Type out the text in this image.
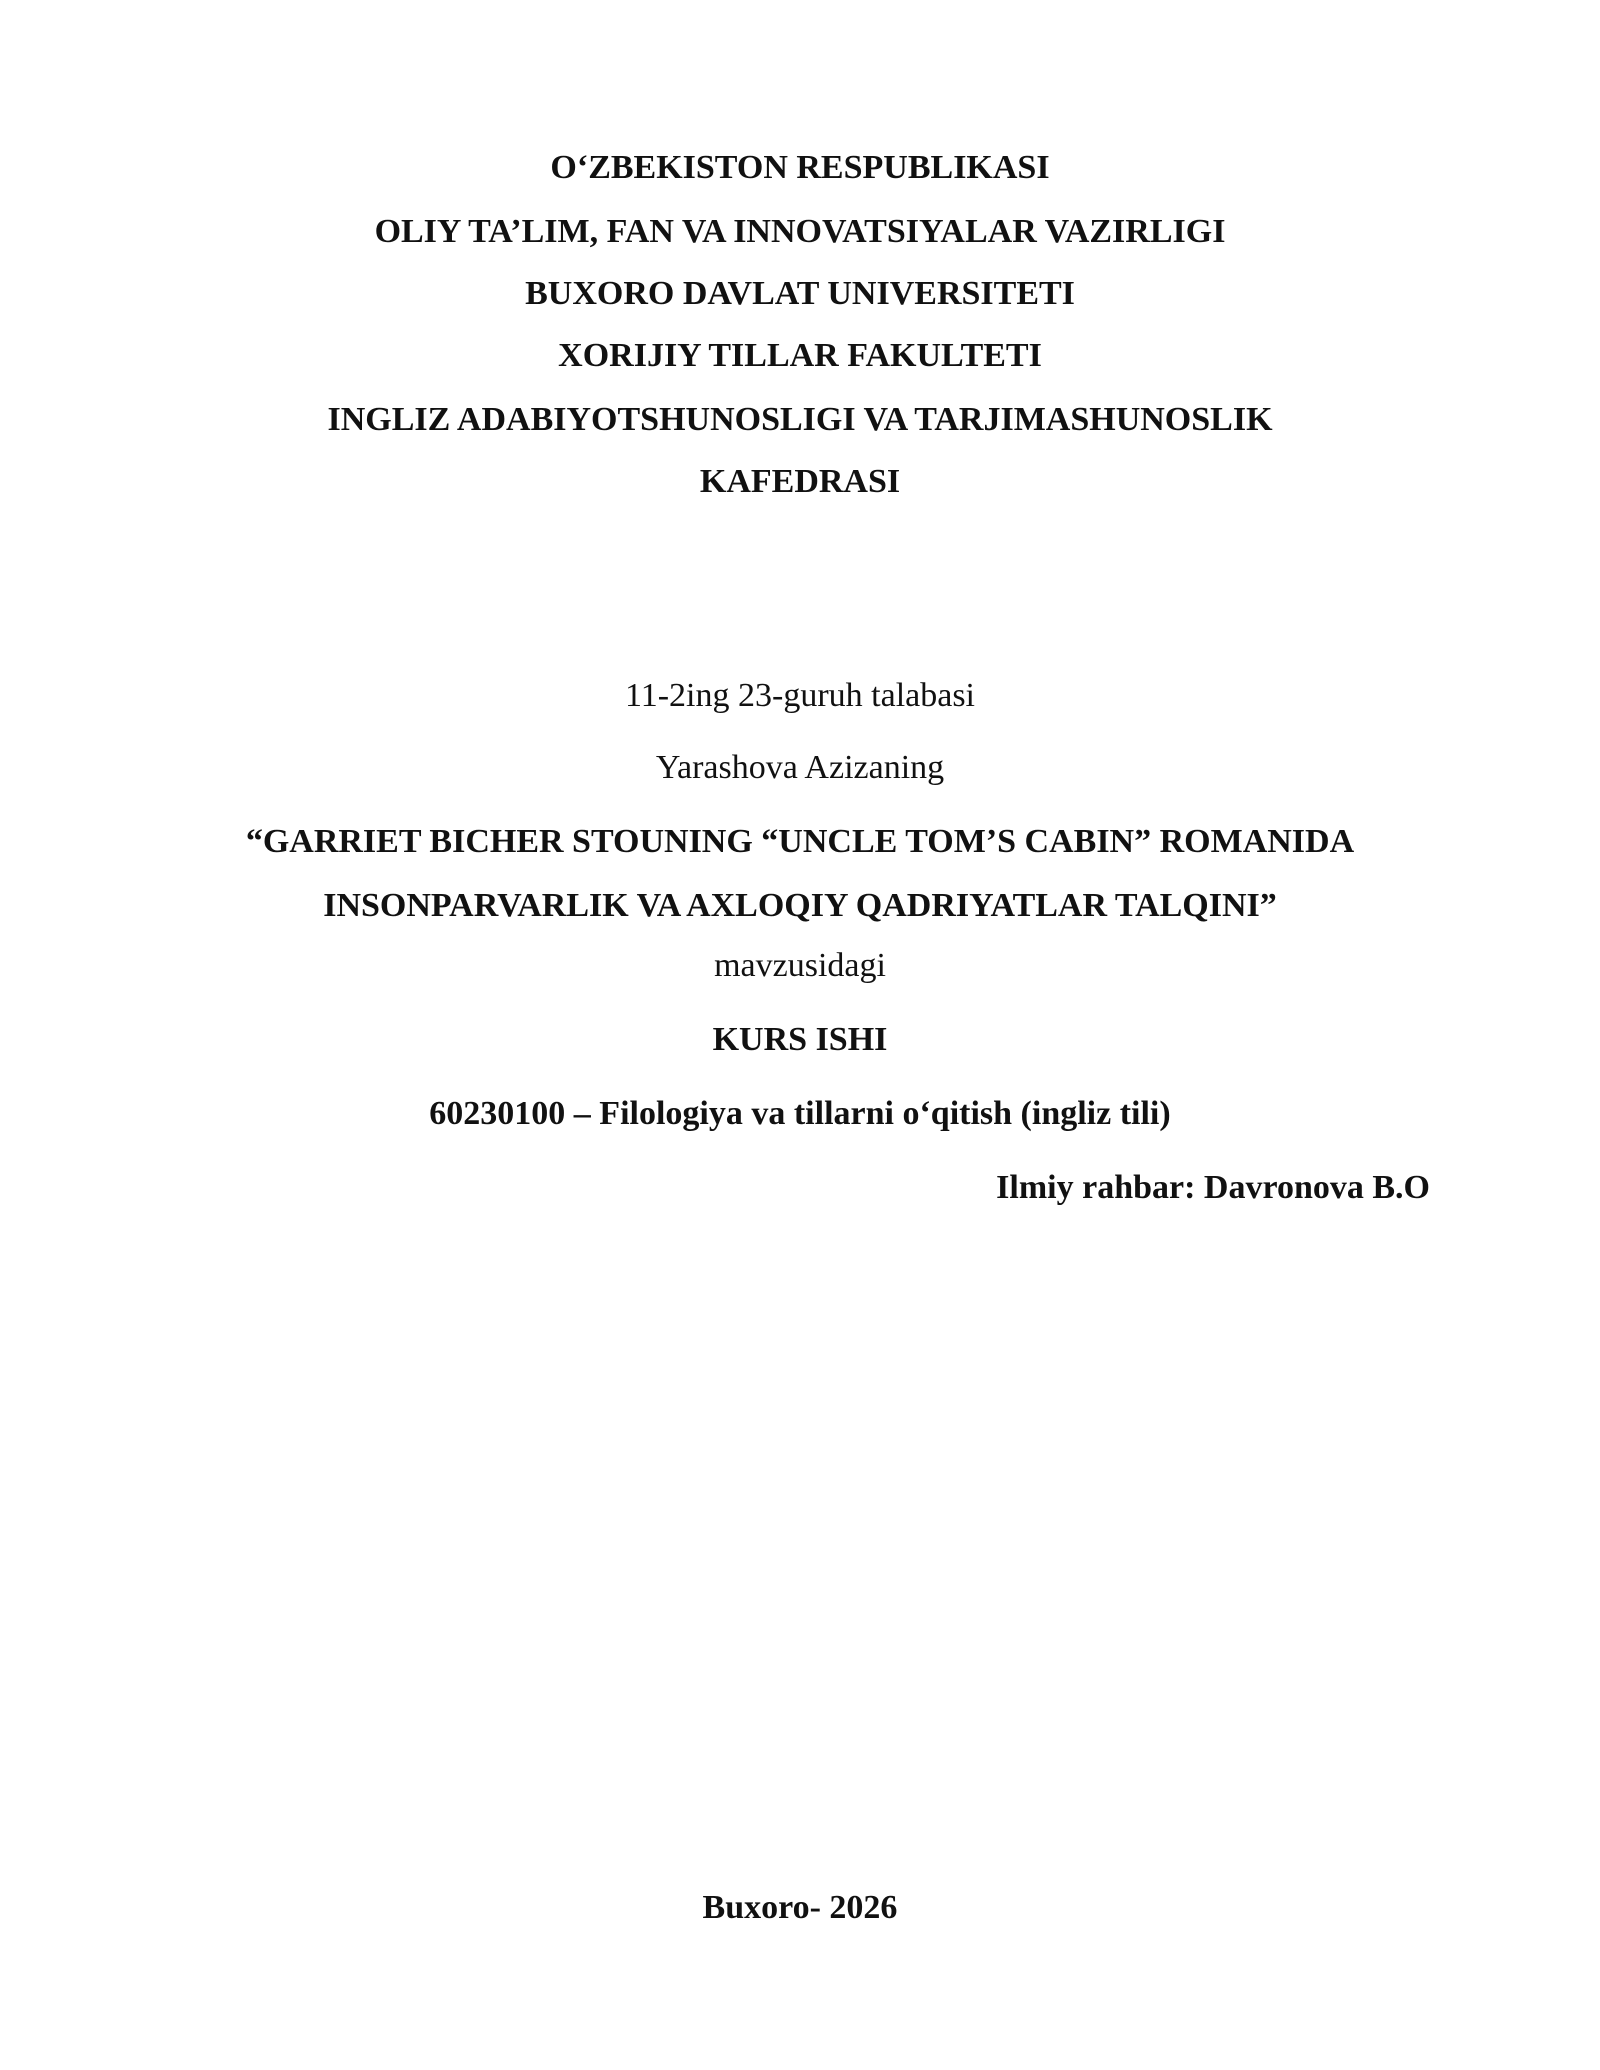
O‘ZBEKISTON RESPUBLIKASI
OLIY TA’LIM, FAN VA INNOVATSIYALAR VAZIRLIGI
BUXORO DAVLAT UNIVERSITETI
XORIJIY TILLAR FAKULTETI
INGLIZ ADABIYOTSHUNOSLIGI VA TARJIMASHUNOSLIK
KAFEDRASI
11-2ing 23-guruh talabasi
Yarashova Azizaning
“GARRIET BICHER STOUNING “UNCLE TOM’S CABIN” ROMANIDA
INSONPARVARLIK VA AXLOQIY QADRIYATLAR TALQINI”
mavzusidagi
KURS ISHI
60230100 – Filologiya va tillarni o‘qitish (ingliz tili)
Ilmiy rahbar: Davronova B.O
Buxoro- 2026
